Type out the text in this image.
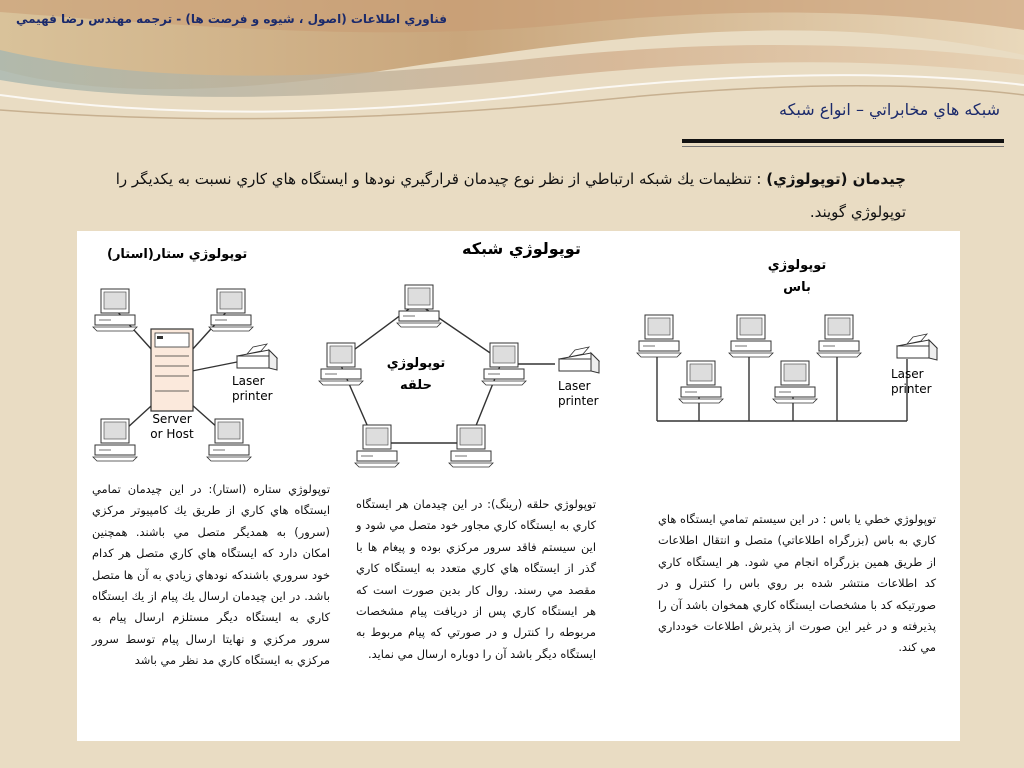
فناوري اطلاعات (اصول ، شيوه و فرصت ها) - ترجمه مهندس رضا فهيمي
شبكه هاي مخابراتي – انواع شبكه
چيدمان (توپولوژي) : تنظيمات يك شبكه ارتباطي از نظر نوع چيدمان قرارگيري نودها و ايستگاه هاي كاري نسبت به يكديگر را توپولوژي گويند.
توپولوژي شبكه
توپولوژي ستار(استار)
Server
or Host
Laser
printer
توپولوژي
حلقه	Laser
printer
توپولوژي
باس
Laser
printer
توپولوژي ستاره (استار): در اين چيدمان تمامي ايستگاه هاي كاري از طريق يك كامپيوتر مركزي (سرور) به همديگر متصل مي باشند. همچنين امكان دارد كه ايستگاه هاي كاري متصل هر كدام خود سروري باشندكه نودهاي زيادي به آن ها متصل باشد. در اين چيدمان ارسال يك پيام از يك ايستگاه كاري به ايستگاه ديگر مستلزم ارسال پيام به سرور مركزي و نهايتا ارسال پيام توسط سرور مركزي به ايستگاه كاري مد نظر مي باشد
توپولوژي حلقه (رينگ): در اين چيدمان هر ايستگاه كاري به ايستگاه كاري مجاور خود متصل مي شود و اين سيستم فاقد سرور مركزي بوده و پيغام ها با گذر از ايستگاه هاي كاري متعدد به ايستگاه كاري مقصد مي رسند. روال كار بدين صورت است كه هر ايستگاه كاري پس از دريافت پيام مشخصات مربوطه را كنترل و در صورتي كه پيام مربوط به ايستگاه ديگر باشد آن را دوباره ارسال مي نمايد.
توپولوژي خطي يا باس : در اين سيستم تمامي ايستگاه هاي كاري به باس (بزرگراه اطلاعاتي) متصل و انتقال اطلاعات از طريق همين بزرگراه انجام مي شود. هر ايستگاه كاري كد اطلاعات منتشر شده بر روي باس را كنترل و در صورتيكه كد با مشخصات ايستگاه كاري همخوان باشد آن را پذيرفته و در غير اين صورت از پذيرش اطلاعات خودداري مي كند.
